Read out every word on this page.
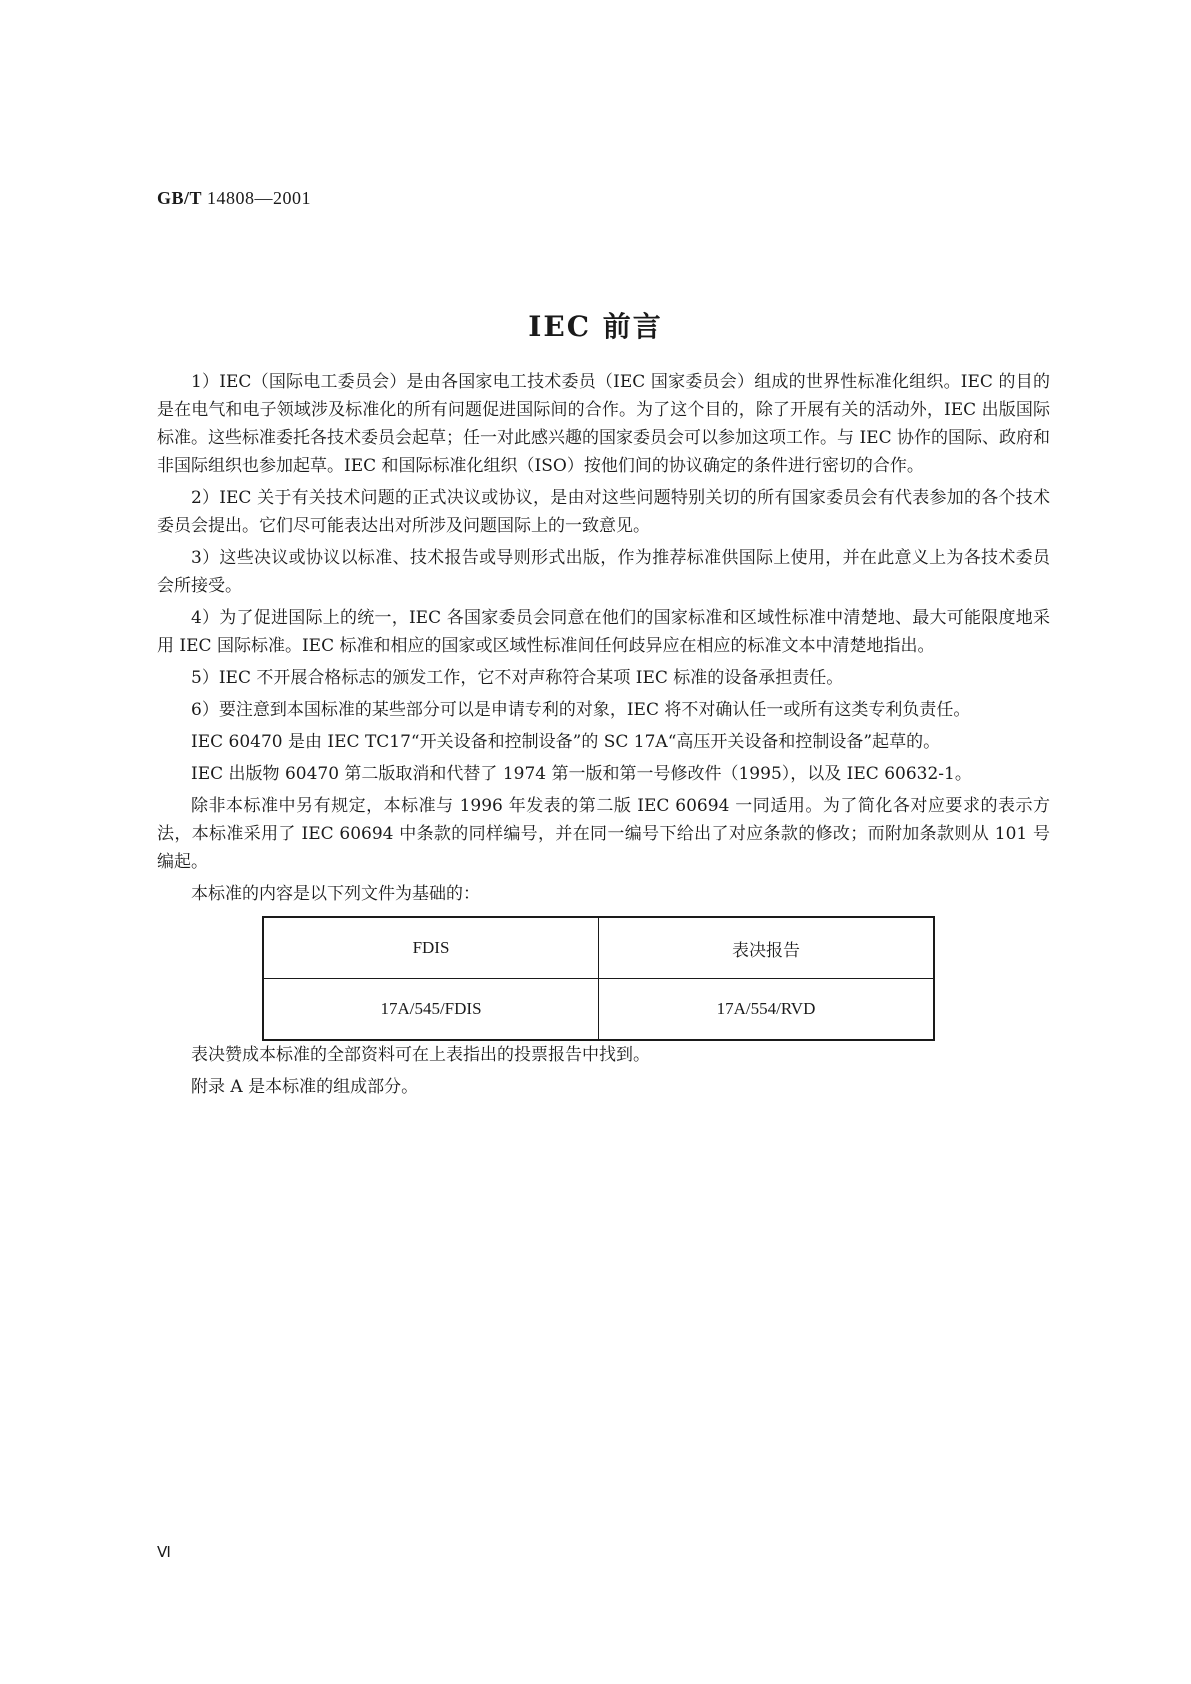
GB/T 14808—2001
IEC 前言

1）IEC（国际电工委员会）是由各国家电工技术委员（IEC 国家委员会）组成的世界性标准化组织。IEC 的目的是在电气和电子领域涉及标准化的所有问题促进国际间的合作。为了这个目的，除了开展有关的活动外，IEC 出版国际标准。这些标准委托各技术委员会起草；任一对此感兴趣的国家委员会可以参加这项工作。与 IEC 协作的国际、政府和非国际组织也参加起草。IEC 和国际标准化组织（ISO）按他们间的协议确定的条件进行密切的合作。

2）IEC 关于有关技术问题的正式决议或协议，是由对这些问题特别关切的所有国家委员会有代表参加的各个技术委员会提出。它们尽可能表达出对所涉及问题国际上的一致意见。

3）这些决议或协议以标准、技术报告或导则形式出版，作为推荐标准供国际上使用，并在此意义上为各技术委员会所接受。

4）为了促进国际上的统一，IEC 各国家委员会同意在他们的国家标准和区域性标准中清楚地、最大可能限度地采用 IEC 国际标准。IEC 标准和相应的国家或区域性标准间任何歧异应在相应的标准文本中清楚地指出。

5）IEC 不开展合格标志的颁发工作，它不对声称符合某项 IEC 标准的设备承担责任。

6）要注意到本国标准的某些部分可以是申请专利的对象，IEC 将不对确认任一或所有这类专利负责任。

IEC 60470 是由 IEC TC17“开关设备和控制设备”的 SC 17A“高压开关设备和控制设备”起草的。

IEC 出版物 60470 第二版取消和代替了 1974 第一版和第一号修改件（1995），以及 IEC 60632-1。

除非本标准中另有规定，本标准与 1996 年发表的第二版 IEC 60694 一同适用。为了简化各对应要求的表示方法，本标准采用了 IEC 60694 中条款的同样编号，并在同一编号下给出了对应条款的修改；而附加条款则从 101 号编起。

本标准的内容是以下列文件为基础的：

FDIS	表决报告
17A/545/FDIS	17A/554/RVD

表决赞成本标准的全部资料可在上表指出的投票报告中找到。

附录 A 是本标准的组成部分。

Ⅵ
